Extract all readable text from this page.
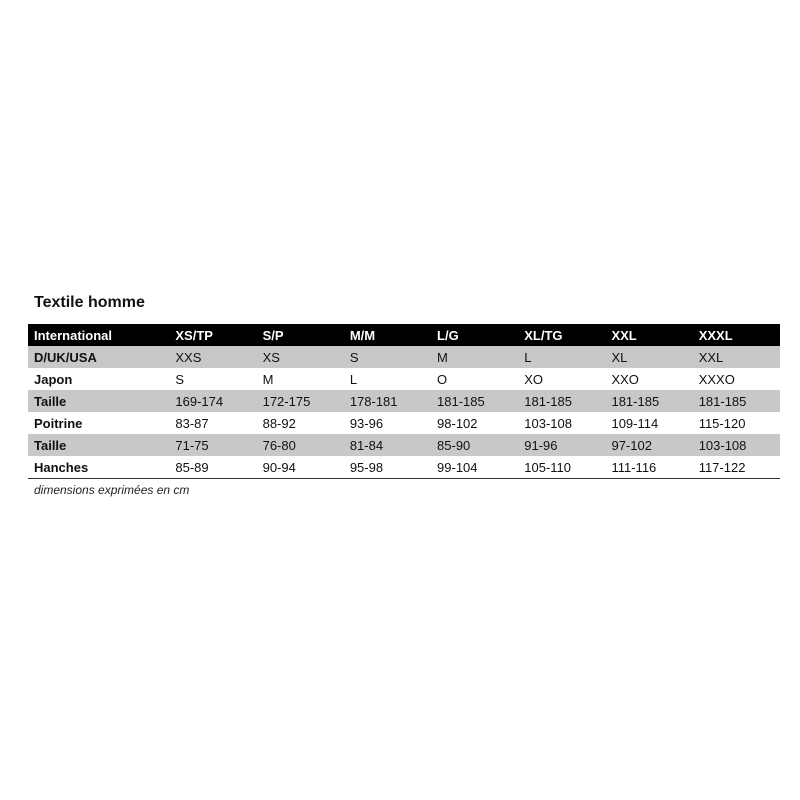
Textile homme
International	XS/TP	S/P	M/M	L/G	XL/TG	XXL	XXXL
D/UK/USA	XXS	XS	S	M	L	XL	XXL
Japon	S	M	L	O	XO	XXO	XXXO
Taille	169-174	172-175	178-181	181-185	181-185	181-185	181-185
Poitrine	83-87	88-92	93-96	98-102	103-108	109-114	115-120
Taille	71-75	76-80	81-84	85-90	91-96	97-102	103-108
Hanches	85-89	90-94	95-98	99-104	105-110	111-116	117-122
dimensions exprimées en cm
